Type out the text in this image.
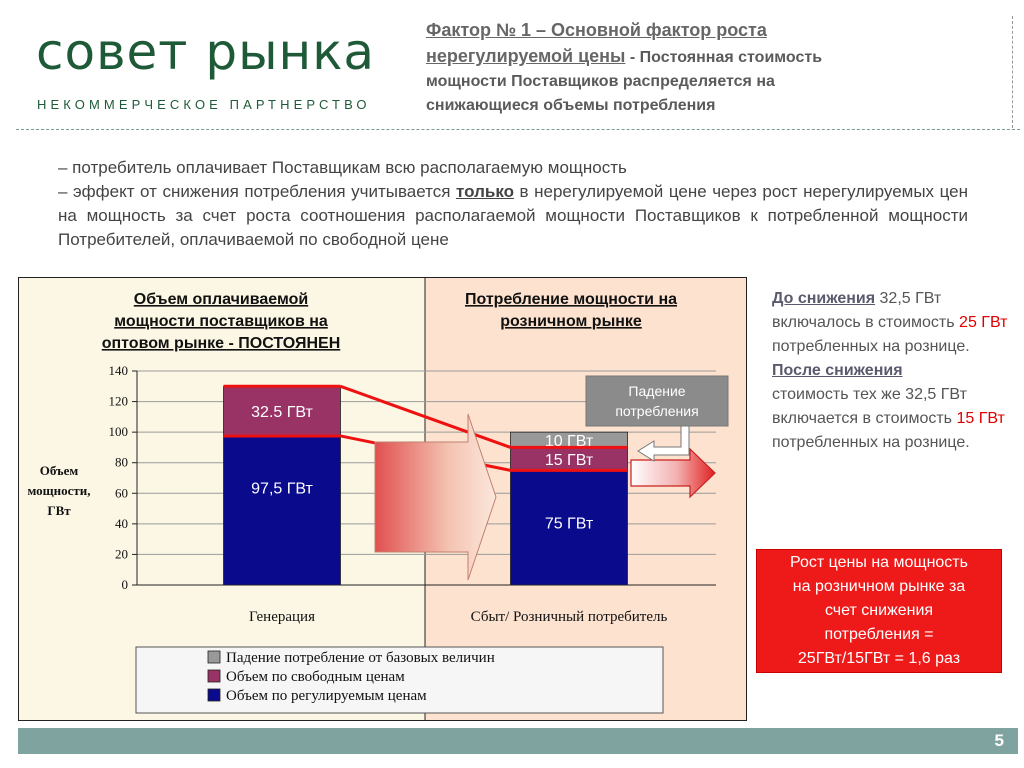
совет рынка
НЕКОММЕРЧЕСКОЕ ПАРТНЕРСТВО
Фактор № 1 – Основной фактор роста
нерегулируемой цены - Постоянная стоимость
мощности Поставщиков распределяется на
снижающиеся объемы потребления

– потребитель оплачивает Поставщикам всю располагаемую мощность

– эффект от снижения потребления учитывается только в нерегулируемой цене через рост нерегулируемых цен на мощность за счет роста соотношения располагаемой мощности Поставщиков к потребленной мощности Потребителей, оплачиваемой по свободной цене

Объем оплачиваемой
мощности поставщиков на
оптовом рынке - ПОСТОЯНЕН
Потребление мощности на
розничном рынке
0
20
40
60
80
100
120
140
Объем
мощности,
ГВт
Генерация	Сбыт/ Розничный потребитель
97,5 ГВт
75 ГВт
32.5 ГВт
15 ГВт
10 ГВт
Падение
потребления
Падение потребление от базовых величин
Объем по свободным ценам
Объем по регулируемым ценам
До снижения 32,5 ГВт включалось в стоимость 25 ГВт потребленных на рознице.
После снижения
стоимость тех же 32,5 ГВт включается в стоимость 15 ГВт потребленных на рознице.
Рост цены на мощность
на розничном рынке за
счет снижения
потребления =
25ГВт/15ГВт = 1,6 раз
5
